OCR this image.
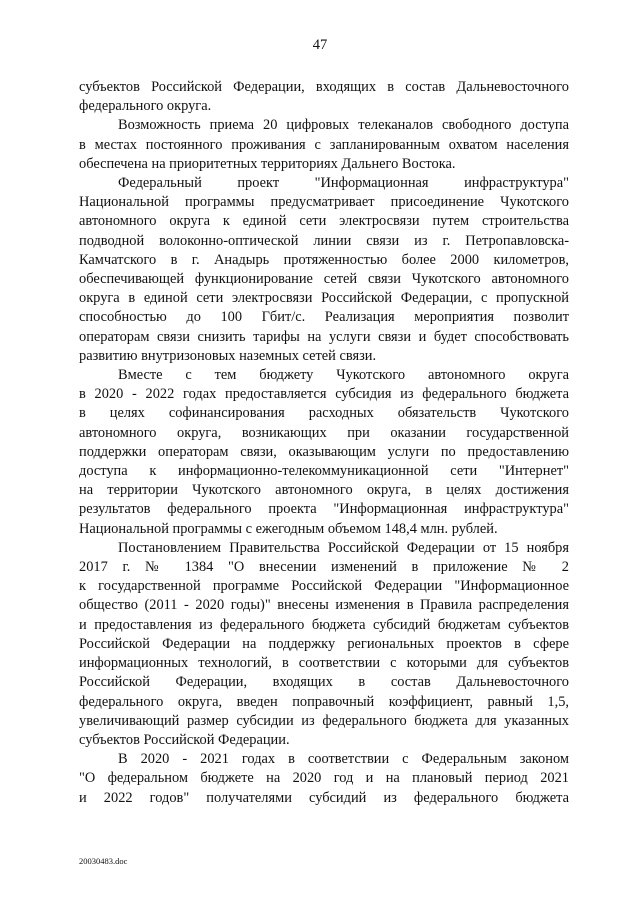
47
субъектов Российской Федерации, входящих в состав Дальневосточного
федерального округа.
Возможность приема 20 цифровых телеканалов свободного доступа
в местах постоянного проживания с запланированным охватом населения
обеспечена на приоритетных территориях Дальнего Востока.
Федеральный проект "Информационная инфраструктура"
Национальной программы предусматривает присоединение Чукотского
автономного округа к единой сети электросвязи путем строительства
подводной волоконно-оптической линии связи из г. Петропавловска-
Камчатского в г. Анадырь протяженностью более 2000 километров,
обеспечивающей функционирование сетей связи Чукотского автономного
округа в единой сети электросвязи Российской Федерации, с пропускной
способностью до 100 Гбит/с. Реализация мероприятия позволит
операторам связи снизить тарифы на услуги связи и будет способствовать
развитию внутризоновых наземных сетей связи.
Вместе с тем бюджету Чукотского автономного округа
в 2020 - 2022 годах предоставляется субсидия из федерального бюджета
в целях софинансирования расходных обязательств Чукотского
автономного округа, возникающих при оказании государственной
поддержки операторам связи, оказывающим услуги по предоставлению
доступа к информационно-телекоммуникационной сети "Интернет"
на территории Чукотского автономного округа, в целях достижения
результатов федерального проекта "Информационная инфраструктура"
Национальной программы с ежегодным объемом 148,4 млн. рублей.
Постановлением Правительства Российской Федерации от 15 ноября
2017 г. № 1384 "О внесении изменений в приложение № 2
к государственной программе Российской Федерации "Информационное
общество (2011 - 2020 годы)" внесены изменения в Правила распределения
и предоставления из федерального бюджета субсидий бюджетам субъектов
Российской Федерации на поддержку региональных проектов в сфере
информационных технологий, в соответствии с которыми для субъектов
Российской Федерации, входящих в состав Дальневосточного
федерального округа, введен поправочный коэффициент, равный 1,5,
увеличивающий размер субсидии из федерального бюджета для указанных
субъектов Российской Федерации.
В 2020 - 2021 годах в соответствии с Федеральным законом
"О федеральном бюджете на 2020 год и на плановый период 2021
и 2022 годов" получателями субсидий из федерального бюджета
20030483.doc
